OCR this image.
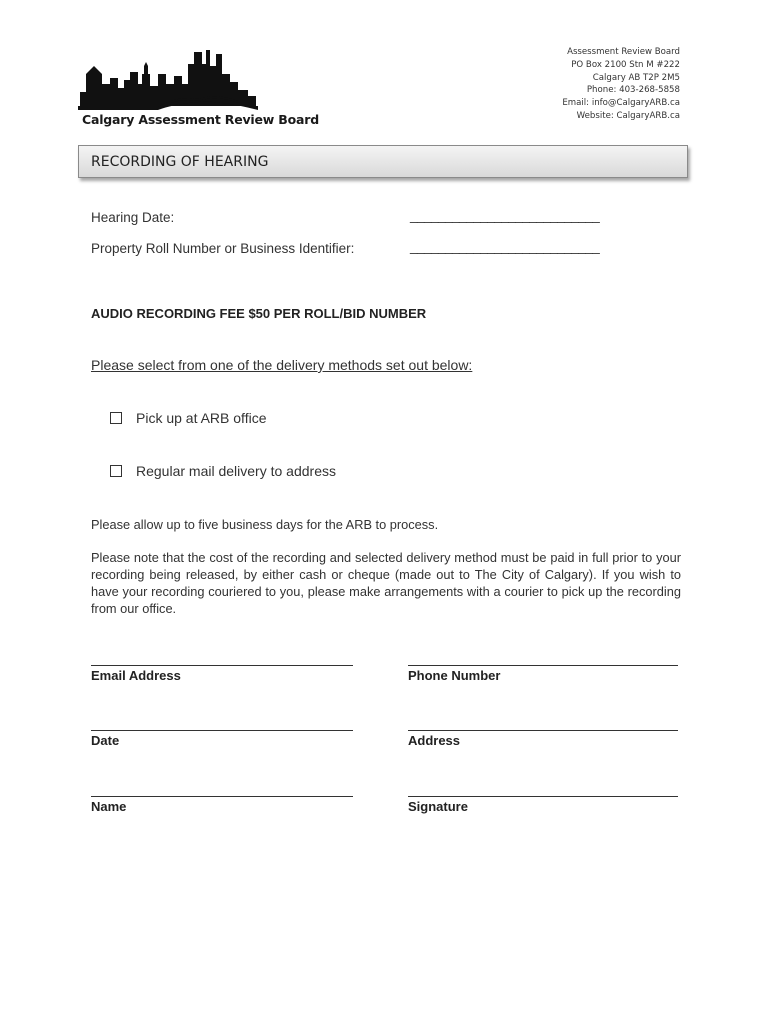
Calgary Assessment Review Board
Assessment Review Board
PO Box 2100 Stn M #222
Calgary AB T2P 2M5
Phone: 403-268-5858
Email: info@CalgaryARB.ca
Website: CalgaryARB.ca
RECORDING OF HEARING
Hearing Date:	___________________________
Property Roll Number or Business Identifier:	___________________________
AUDIO RECORDING FEE $50 PER ROLL/BID NUMBER
Please select from one of the delivery methods set out below:
Pick up at ARB office
Regular mail delivery to address
Please allow up to five business days for the ARB to process.
Please note that the cost of the recording and selected delivery method must be paid in full prior to your recording being released, by either cash or cheque (made out to The City of Calgary). If you wish to have your recording couriered to you, please make arrangements with a courier to pick up the recording from our office.
Email Address	Phone Number
Date	Address
Name	Signature
